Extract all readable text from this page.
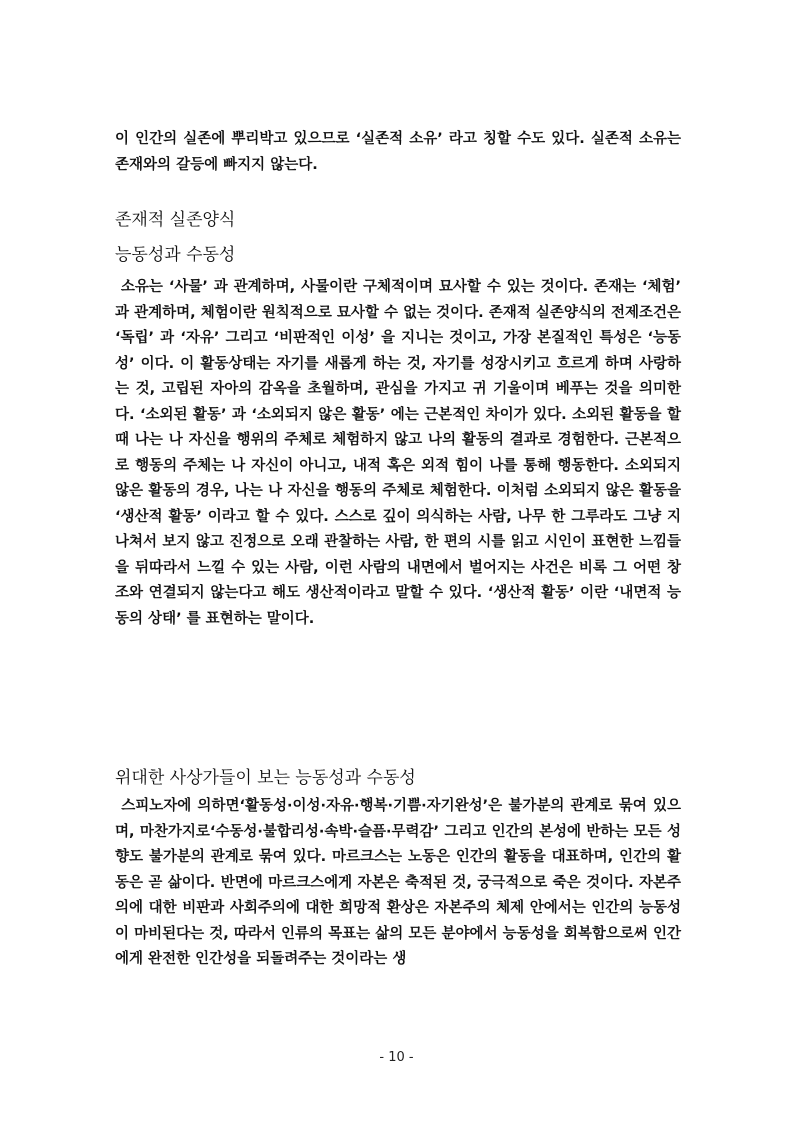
이 인간의 실존에 뿌리박고 있으므로 ‘실존적 소유’ 라고 칭할 수도 있다. 실존적 소유는 존재와의 갈등에 빠지지 않는다.

존재적 실존양식
능동성과 수동성

소유는 ‘사물’ 과 관계하며, 사물이란 구체적이며 묘사할 수 있는 것이다. 존재는 ‘체험’ 과 관계하며, 체험이란 원칙적으로 묘사할 수 없는 것이다. 존재적 실존양식의 전제조건은 ‘독립’ 과 ‘자유’ 그리고 ‘비판적인 이성’ 을 지니는 것이고, 가장 본질적인 특성은 ‘능동성’ 이다. 이 활동상태는 자기를 새롭게 하는 것, 자기를 성장시키고 흐르게 하며 사랑하는 것, 고립된 자아의 감옥을 초월하며, 관심을 가지고 귀 기울이며 베푸는 것을 의미한다. ‘소외된 활동’ 과 ‘소외되지 않은 활동’ 에는 근본적인 차이가 있다. 소외된 활동을 할 때 나는 나 자신을 행위의 주체로 체험하지 않고 나의 활동의 결과로 경험한다. 근본적으로 행동의 주체는 나 자신이 아니고, 내적 혹은 외적 힘이 나를 통해 행동한다. 소외되지 않은 활동의 경우, 나는 나 자신을 행동의 주체로 체험한다. 이처럼 소외되지 않은 활동을 ‘생산적 활동’ 이라고 할 수 있다. 스스로 깊이 의식하는 사람, 나무 한 그루라도 그냥 지나쳐서 보지 않고 진정으로 오래 관찰하는 사람, 한 편의 시를 읽고 시인이 표현한 느낌들을 뒤따라서 느낄 수 있는 사람, 이런 사람의 내면에서 벌어지는 사건은 비록 그 어떤 창조와 연결되지 않는다고 해도 생산적이라고 말할 수 있다. ‘생산적 활동’ 이란 ‘내면적 능동의 상태’ 를 표현하는 말이다.

위대한 사상가들이 보는 능동성과 수동성

스피노자에 의하면‘활동성·이성·자유·행복·기쁨·자기완성’은 불가분의 관계로 묶여 있으며, 마찬가지로‘수동성·불합리성·속박·슬픔·무력감’ 그리고 인간의 본성에 반하는 모든 성향도 불가분의 관계로 묶여 있다. 마르크스는 노동은 인간의 활동을 대표하며, 인간의 활동은 곧 삶이다. 반면에 마르크스에게 자본은 축적된 것, 궁극적으로 죽은 것이다. 자본주의에 대한 비판과 사회주의에 대한 희망적 환상은 자본주의 체제 안에서는 인간의 능동성이 마비된다는 것, 따라서 인류의 목표는 삶의 모든 분야에서 능동성을 회복함으로써 인간에게 완전한 인간성을 되돌려주는 것이라는 생

- 10 -
